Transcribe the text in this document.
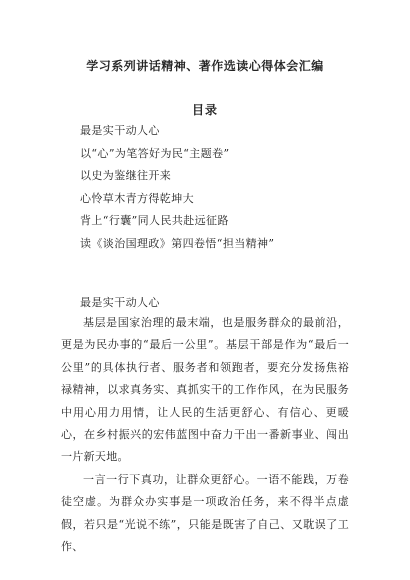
学习系列讲话精神、著作选读心得体会汇编
目录
最是实干动人心
以“心”为笔答好为民“主题卷”
以史为鉴继往开来
心怜草木青方得乾坤大
背上“行囊”同人民共赴远征路
读《谈治国理政》第四卷悟“担当精神”
最是实干动人心

基层是国家治理的最末端，也是服务群众的最前沿，更是为民办事的“最后一公里”。基层干部是作为“最后一公里”的具体执行者、服务者和领跑者，要充分发扬焦裕禄精神，以求真务实、真抓实干的工作作风，在为民服务中用心用力用情，让人民的生活更舒心、有信心、更暖心，在乡村振兴的宏伟蓝图中奋力干出一番新事业、闯出一片新天地。

一言一行下真功，让群众更舒心。一语不能践，万卷徒空虚。为群众办实事是一项政治任务，来不得半点虚假，若只是“光说不练”，只能是既害了自己、又耽误了工作、
